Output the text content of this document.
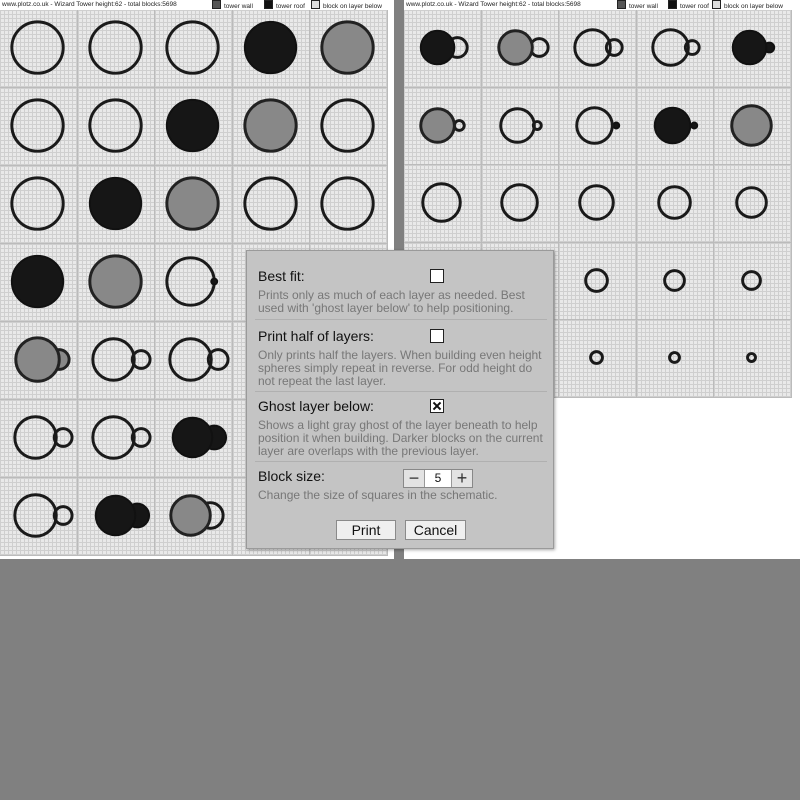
www.plotz.co.uk - Wizard Tower height:62 - total blocks:5698	tower wall	tower roof	block on layer below	www.plotz.co.uk - Wizard Tower height:62 - total blocks:5698	tower wall	tower roof	block on layer below
Best fit:
Prints only as much of each layer as needed. Best used with 'ghost layer below' to help positioning.
Print half of layers:
Only prints half the layers. When building even height spheres simply repeat in reverse. For odd height do not repeat the last layer.
Ghost layer below:
Shows a light gray ghost of the layer beneath to help position it when building. Darker blocks on the current layer are overlaps with the previous layer.
Block size:	−	5 +
Change the size of squares in the schematic.
Print	Cancel
